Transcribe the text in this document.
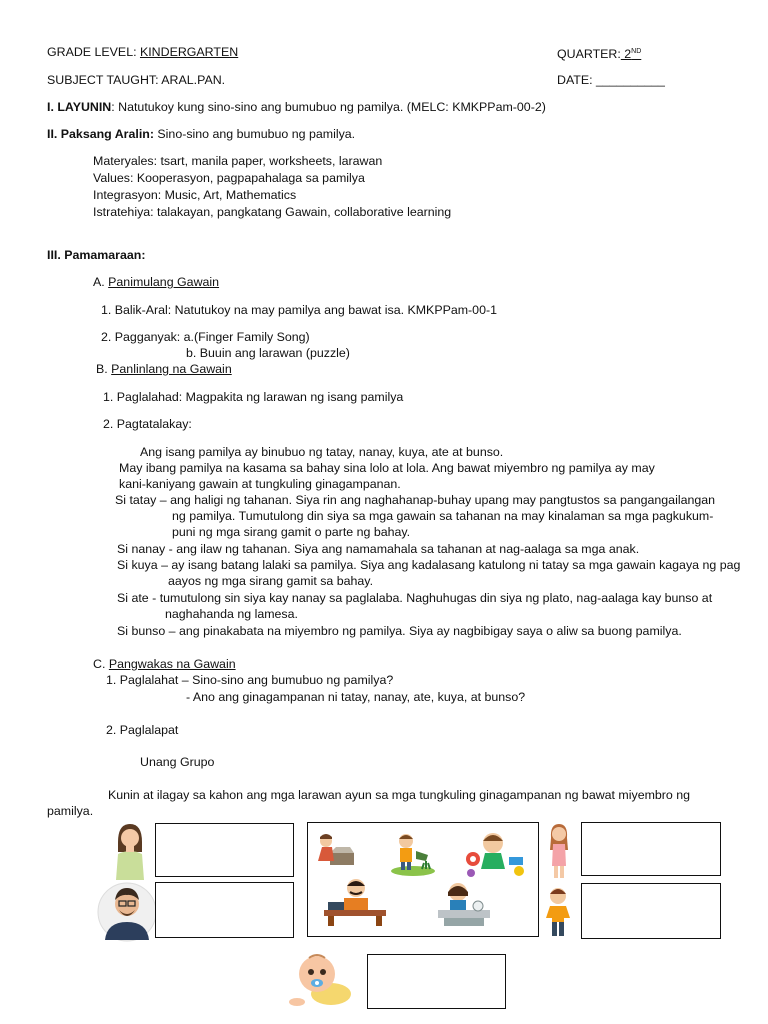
GRADE LEVEL: KINDERGARTEN	QUARTER: 2ND
SUBJECT TAUGHT: ARAL.PAN.	DATE: __________
I. LAYUNIN: Natutukoy kung sino-sino ang bumubuo ng pamilya. (MELC: KMKPPam-00-2)
II. Paksang Aralin: Sino-sino ang bumubuo ng pamilya.
Materyales: tsart, manila paper, worksheets, larawan
Values: Kooperasyon, pagpapahalaga sa pamilya
Integrasyon: Music, Art, Mathematics
Istratehiya: talakayan, pangkatang Gawain, collaborative learning
III. Pamamaraan:
A. Panimulang Gawain
1. Balik-Aral: Natutukoy na may pamilya ang bawat isa. KMKPPam-00-1
2. Pagganyak: a.(Finger Family Song)
b. Buuin ang larawan (puzzle)
B. Panlinlang na Gawain
1. Paglalahad: Magpakita ng larawan ng isang pamilya
2. Pagtatalakay:
Ang isang pamilya ay binubuo ng tatay, nanay, kuya, ate at bunso.
May ibang pamilya na kasama sa bahay sina lolo at lola. Ang bawat miyembro ng pamilya ay may
kani-kaniyang gawain at tungkuling ginagampanan.
Si tatay – ang haligi ng tahanan. Siya rin ang naghahanap-buhay upang may pangtustos sa pangangailangan
ng pamilya. Tumutulong din siya sa mga gawain sa tahanan na may kinalaman sa mga pagkukum-
puni ng mga sirang gamit o parte ng bahay.
Si nanay - ang ilaw ng tahanan. Siya ang namamahala sa tahanan at nag-aalaga sa mga anak.
Si kuya – ay isang batang lalaki sa pamilya. Siya ang kadalasang katulong ni tatay sa mga gawain kagaya ng pag
aayos ng mga sirang gamit sa bahay.
Si ate - tumutulong sin siya kay nanay sa paglalaba. Naghuhugas din siya ng plato, nag-aalaga kay bunso at
naghahanda ng lamesa.
Si bunso – ang pinakabata na miyembro ng pamilya. Siya ay nagbibigay saya o aliw sa buong pamilya.
C. Pangwakas na Gawain
1. Paglalahat – Sino-sino ang bumubuo ng pamilya?
- Ano ang ginagampanan ni tatay, nanay, ate, kuya, at bunso?
2. Paglalapat
Unang Grupo
Kunin at ilagay sa kahon ang mga larawan ayun sa mga tungkuling ginagampanan ng bawat miyembro ng
pamilya.
